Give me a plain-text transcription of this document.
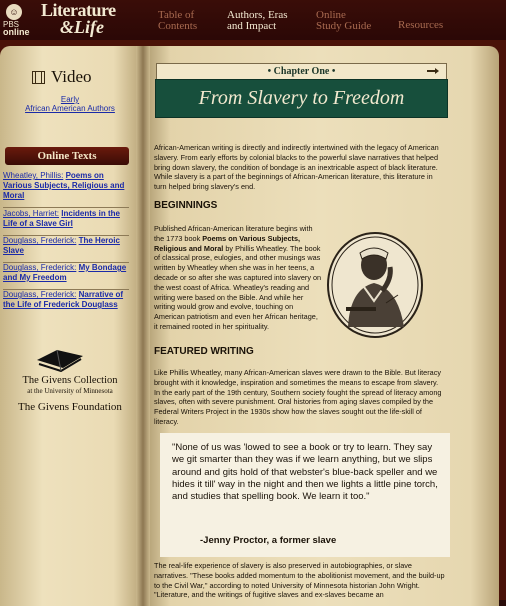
☺
PBS
online
Literature
&Life
Table of
Contents
Authors, Eras
and Impact
Online
Study Guide Resources
Video
Early
African American Authors
Online Texts
Wheatley, Phillis: Poems on Various Subjects, Religious and Moral
Jacobs, Harriet: Incidents in the Life of a Slave Girl
Douglass, Frederick: The Heroic Slave
Douglass, Frederick: My Bondage and My Freedom
Douglass, Frederick: Narrative of the Life of Frederick Douglass
The Givens Collection
at the University of Minnesota
The Givens Foundation
• Chapter One •
From Slavery to Freedom
African-American writing is directly and indirectly intertwined with the legacy of American slavery. From early efforts by colonial blacks to the powerful slave narratives that helped bring down slavery, the condition of bondage is an inextricable aspect of black literature. While slavery is a part of the beginnings of African-American literature, this literature in turn helped bring slavery's end.
BEGINNINGS
Published African-American literature begins with the 1773 book Poems on Various Subjects, Religious and Moral by Phillis Wheatley. The book of classical prose, eulogies, and other musings was written by Wheatley when she was in her teens, a decade or so after she was captured into slavery on the west coast of Africa. Wheatley's reading and writing were based on the Bible. And while her writing would grow and evolve, touching on American patriotism and even her African heritage, it remained rooted in her spirituality.
FEATURED WRITING
Like Phillis Wheatley, many African-American slaves were drawn to the Bible. But literacy brought with it knowledge, inspiration and sometimes the means to escape from slavery. In the early part of the 19th century, Southern society fought the spread of literacy among slaves, often with severe punishment. Oral histories from aging slaves compiled by the Federal Writers Project in the 1930s show how the slaves sought out the life-skill of literacy.
"None of us was 'lowed to see a book or try to learn. They say we git smarter than they was if we learn anything, but we slips around and gits hold of that webster's blue-back speller and we hides it till' way in the night and then we lights a little pine torch, and studies that spelling book. We learn it too."
-Jenny Proctor, a former slave
The real-life experience of slavery is also preserved in autobiographies, or slave narratives. "These books added momentum to the abolitionist movement, and the build-up to the Civil War," according to noted University of Minnesota historian John Wright. "Literature, and the writings of fugitive slaves and ex-slaves became an
